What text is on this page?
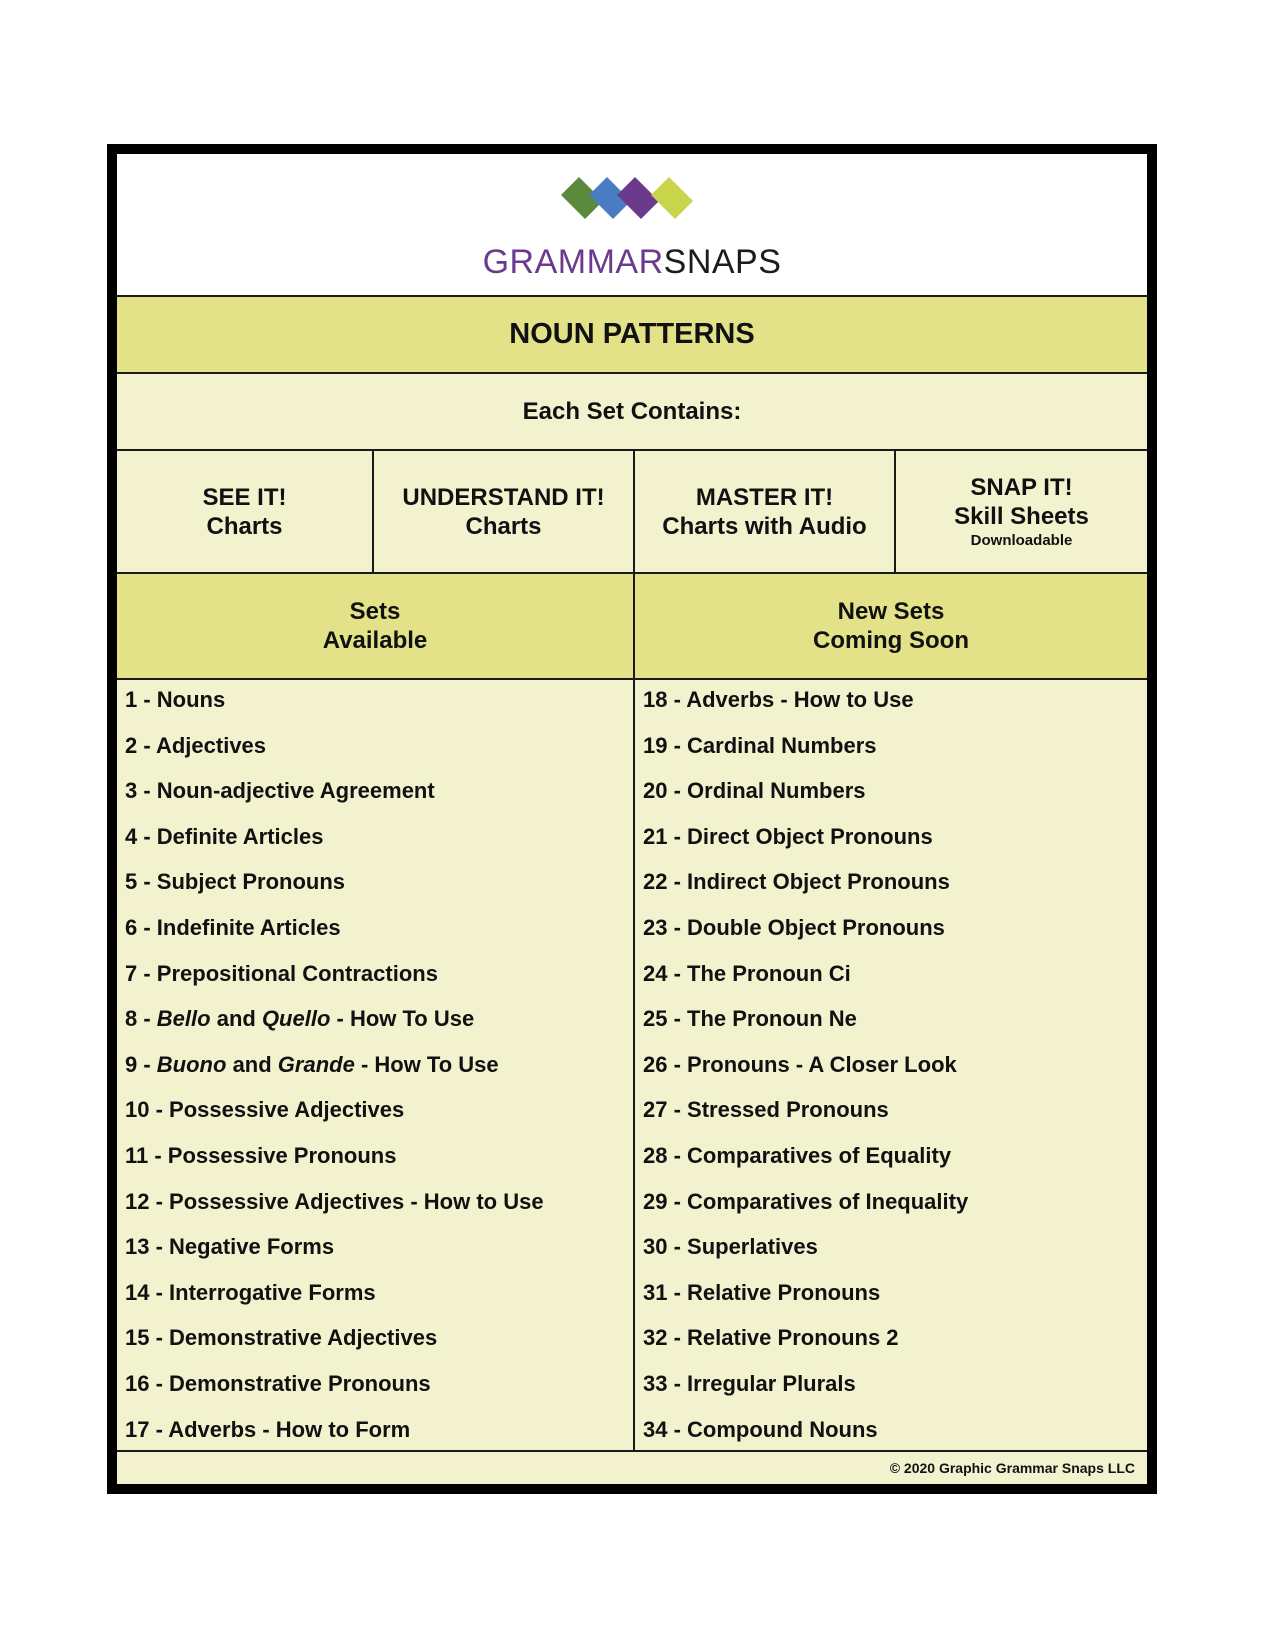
GRAMMARSNAPS
NOUN PATTERNS
Each Set Contains:
SEE IT!
Charts
UNDERSTAND IT!
Charts
MASTER IT!
Charts with Audio
SNAP IT!
Skill Sheets
Downloadable
Sets
Available
New Sets
Coming Soon
1 - Nouns
2 - Adjectives
3 - Noun-adjective Agreement
4 - Definite Articles
5 - Subject Pronouns
6 - Indefinite Articles
7 - Prepositional Contractions
8 - Bello and Quello - How To Use
9 - Buono and Grande - How To Use
10 - Possessive Adjectives
11 - Possessive Pronouns
12 - Possessive Adjectives - How to Use
13 - Negative Forms
14 - Interrogative Forms
15 - Demonstrative Adjectives
16 - Demonstrative Pronouns
17 - Adverbs - How to Form
18 - Adverbs - How to Use
19 - Cardinal Numbers
20 - Ordinal Numbers
21 - Direct Object Pronouns
22 - Indirect Object Pronouns
23 - Double Object Pronouns
24 - The Pronoun Ci
25 - The Pronoun Ne
26 - Pronouns - A Closer Look
27 - Stressed Pronouns
28 - Comparatives of Equality
29 - Comparatives of Inequality
30 - Superlatives
31 - Relative Pronouns
32 - Relative Pronouns 2
33 - Irregular Plurals
34 - Compound Nouns
© 2020 Graphic Grammar Snaps LLC
